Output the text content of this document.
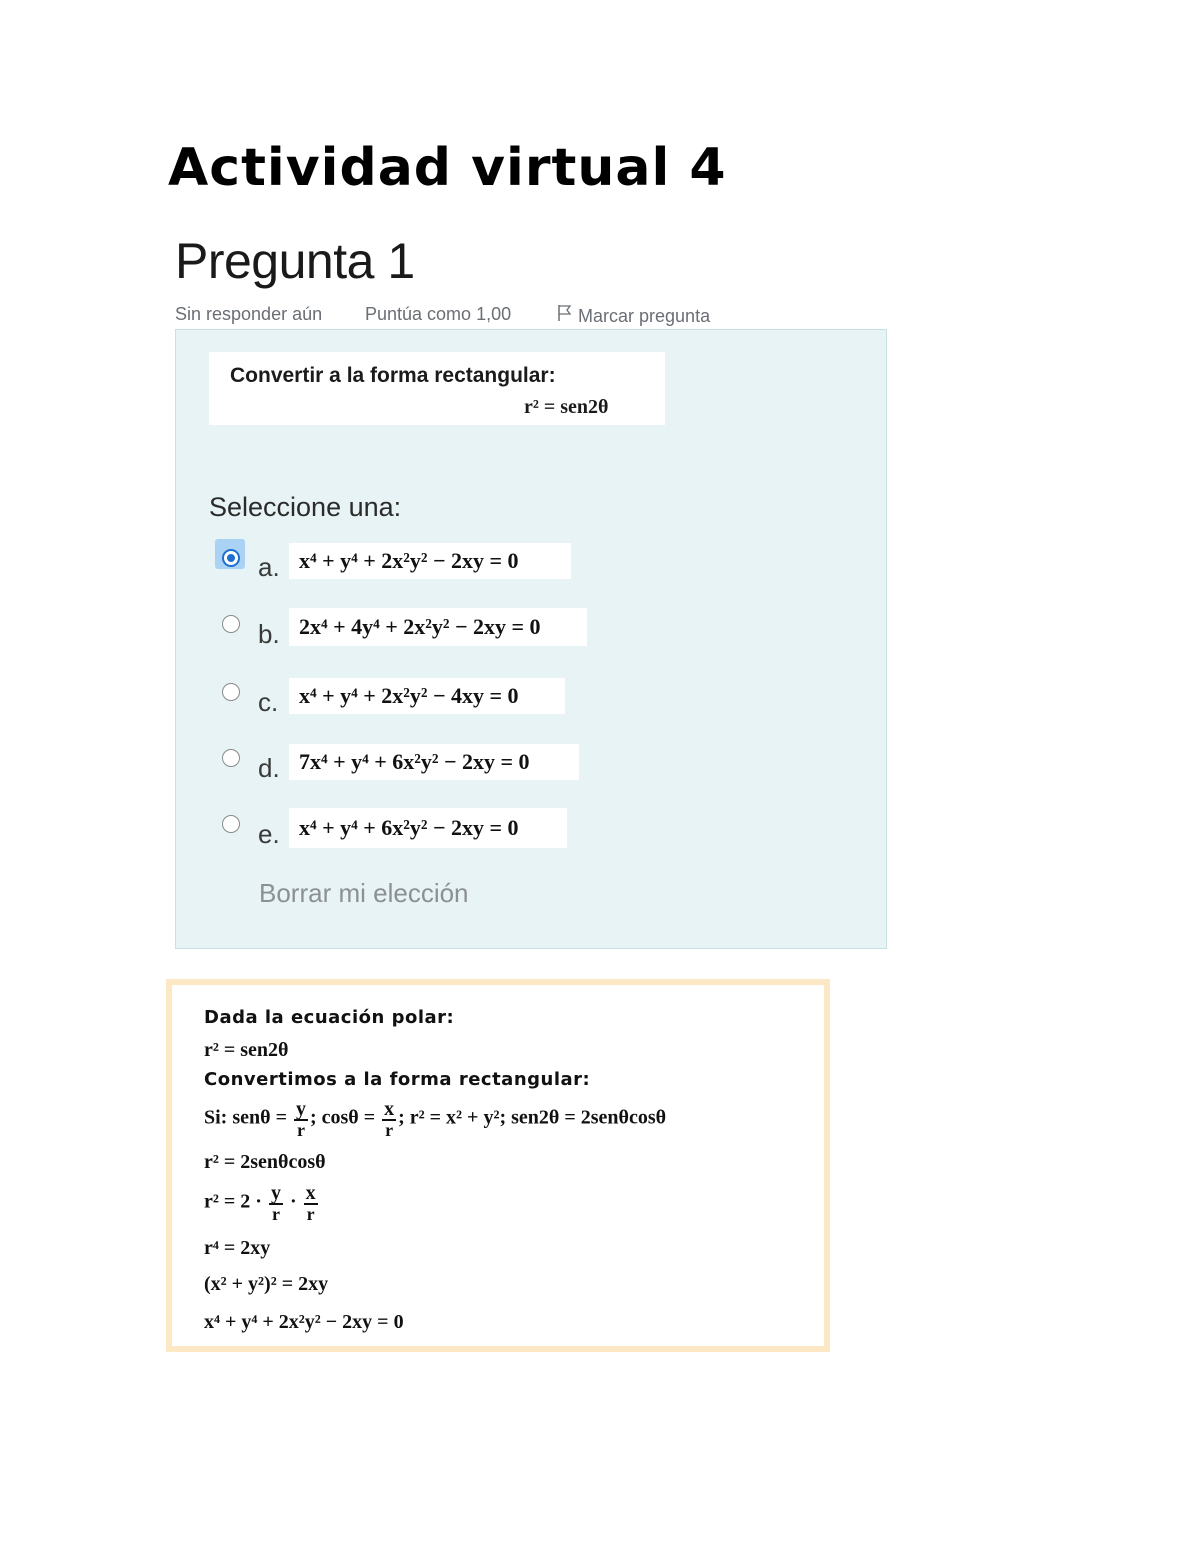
Actividad virtual 4
Pregunta 1
Sin responder aún	Puntúa como 1,00	Marcar pregunta

Convertir a la forma rectangular:

r² = sen2θ
Seleccione una:
a. x⁴ + y⁴ + 2x²y² − 2xy = 0
b. 2x⁴ + 4y⁴ + 2x²y² − 2xy = 0
c. x⁴ + y⁴ + 2x²y² − 4xy = 0
d. 7x⁴ + y⁴ + 6x²y² − 2xy = 0
e. x⁴ + y⁴ + 6x²y² − 2xy = 0
Borrar mi elección
Dada la ecuación polar:
r² = sen2θ
Convertimos a la forma rectangular:
Si: $sen\theta = \frac{y}{r}$ ; $\cos\theta = \frac{x}{r}$ ; r² = x² + y²; sen2θ = 2senθcosθ
r² = 2senθcosθ
$r^2 = 2 \cdot \frac{y}{r} \cdot \frac{x}{r}$
r⁴ = 2xy
(x² + y²)² = 2xy
x⁴ + y⁴ + 2x²y² − 2xy = 0
